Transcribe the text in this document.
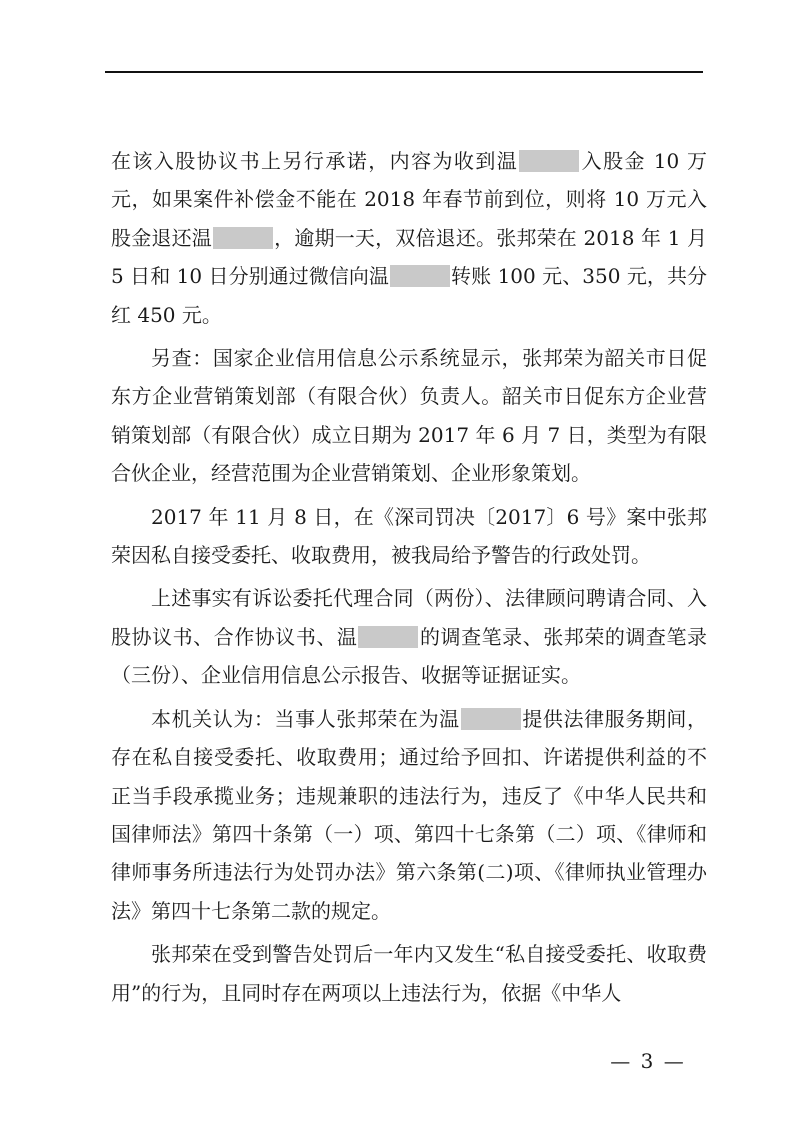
在该入股协议书上另行承诺，内容为收到温	入股金 10 万元，如果案件补偿金不能在 2018 年春节前到位，则将 10 万元入股金退还温	，逾期一天，双倍退还。张邦荣在 2018 年 1 月 5 日和 10 日分别通过微信向温	转账 100 元、350 元，共分红 450 元。

另查：国家企业信用信息公示系统显示，张邦荣为韶关市日促东方企业营销策划部（有限合伙）负责人。韶关市日促东方企业营销策划部（有限合伙）成立日期为 2017 年 6 月 7 日，类型为有限合伙企业，经营范围为企业营销策划、企业形象策划。

2017 年 11 月 8 日，在《深司罚决〔2017〕6 号》案中张邦荣因私自接受委托、收取费用，被我局给予警告的行政处罚。

上述事实有诉讼委托代理合同（两份）、法律顾问聘请合同、入股协议书、合作协议书、温	的调查笔录、张邦荣的调查笔录（三份）、企业信用信息公示报告、收据等证据证实。

本机关认为：当事人张邦荣在为温	提供法律服务期间，存在私自接受委托、收取费用；通过给予回扣、许诺提供利益的不正当手段承揽业务；违规兼职的违法行为，违反了《中华人民共和国律师法》第四十条第（一）项、第四十七条第（二）项、《律师和律师事务所违法行为处罚办法》第六条第(二)项、《律师执业管理办法》第四十七条第二款的规定。

张邦荣在受到警告处罚后一年内又发生“私自接受委托、收取费用”的行为，且同时存在两项以上违法行为，依据《中华人

— 3 —
